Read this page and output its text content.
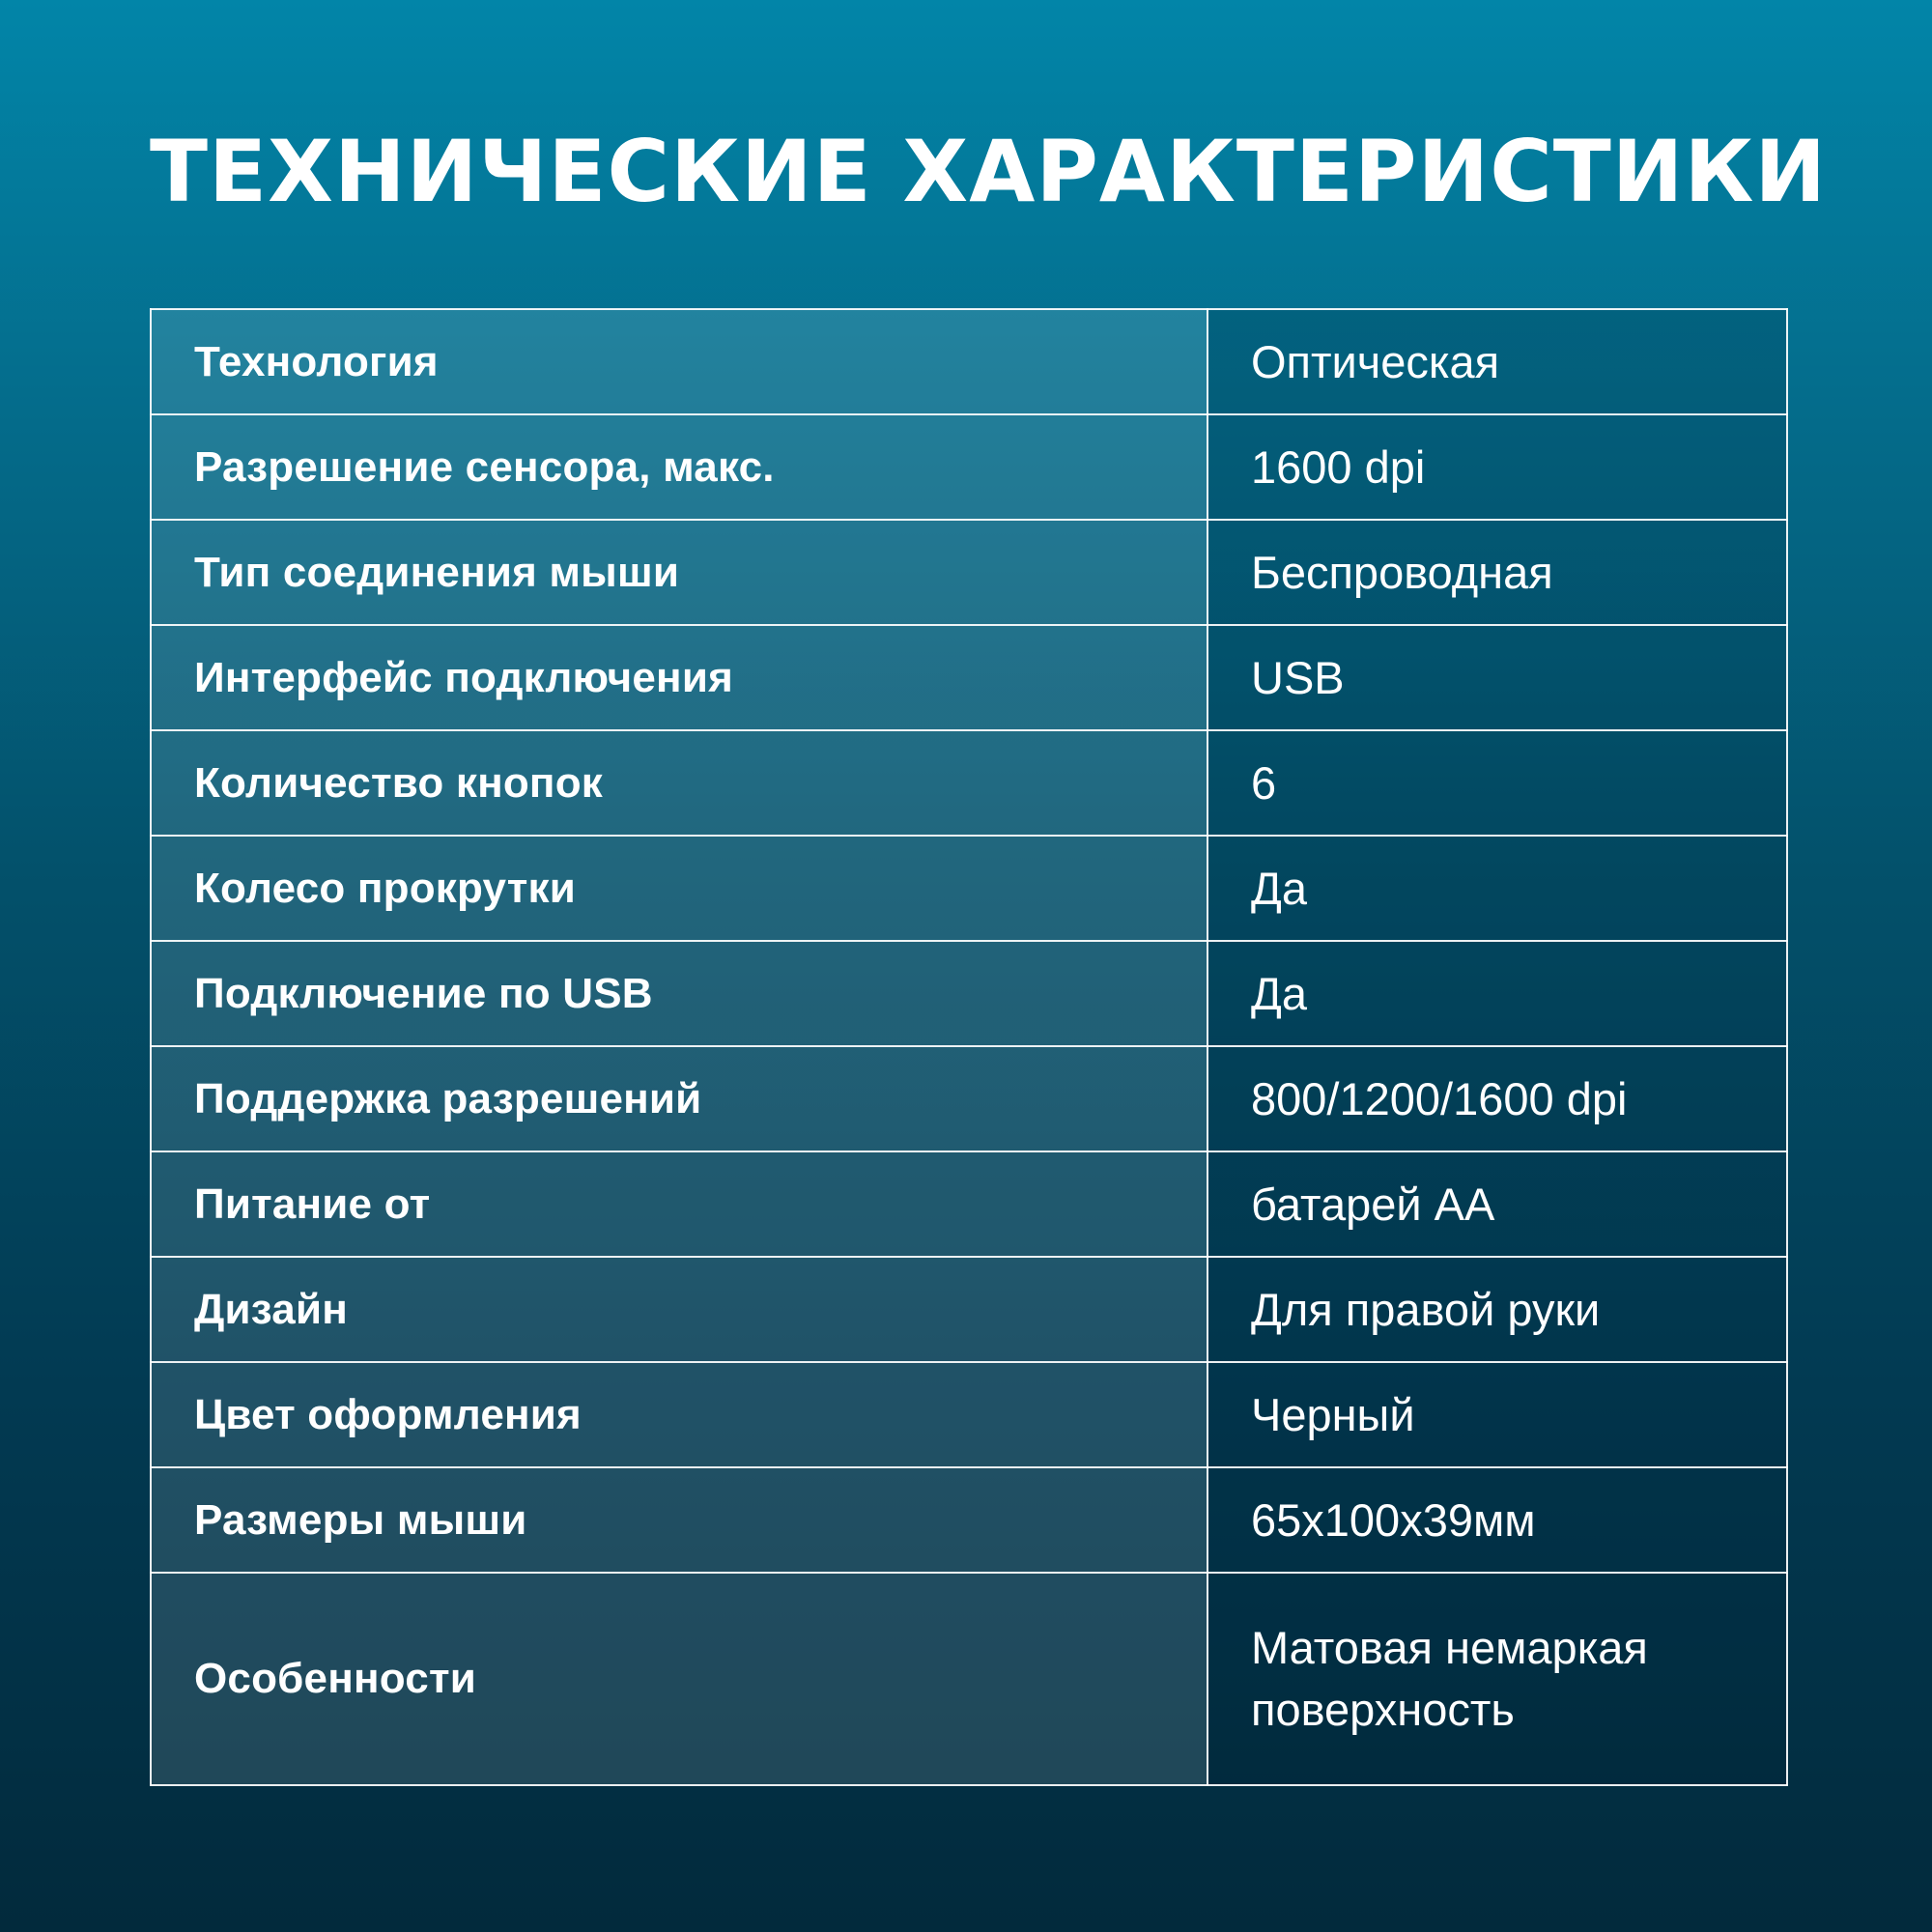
ТЕХНИЧЕСКИЕ ХАРАКТЕРИСТИКИ
Технология	Оптическая
Разрешение сенсора, макс.	1600 dpi
Тип соединения мыши	Беспроводная
Интерфейс подключения	USB
Количество кнопок	6
Колесо прокрутки	Да
Подключение по USB	Да
Поддержка разрешений	800/1200/1600 dpi
Питание от	батарей АА
Дизайн	Для правой руки
Цвет оформления	Черный
Размеры мыши	65x100x39мм
Особенности	Матовая немаркая поверхность
